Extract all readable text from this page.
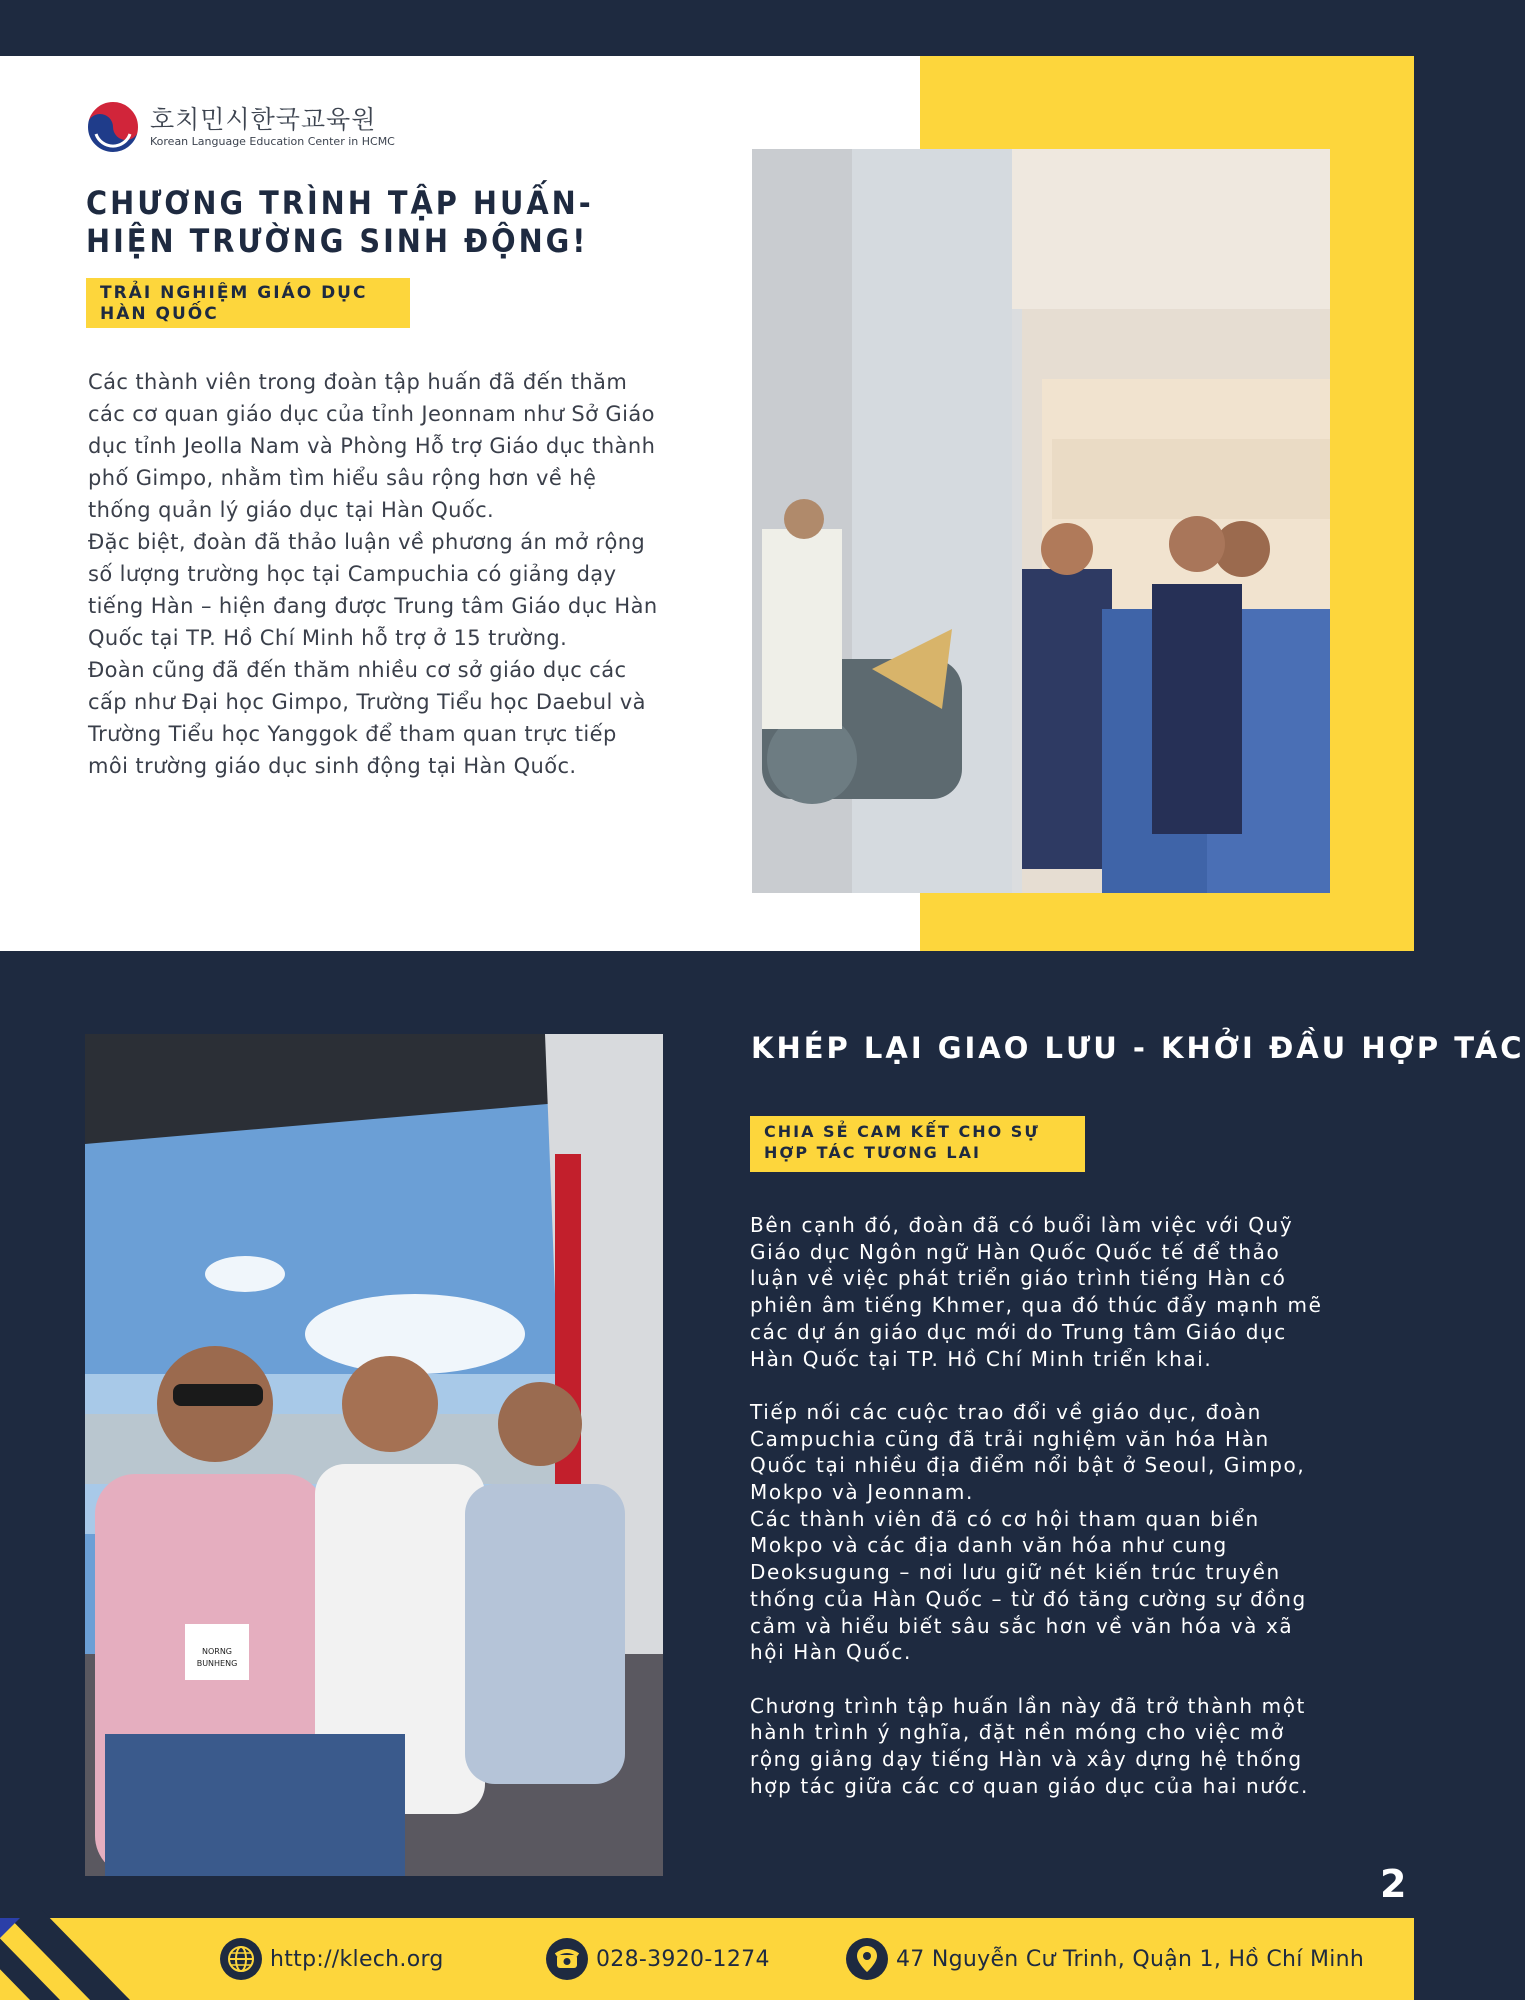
호치민시한국교육원
Korean Language Education Center in HCMC
CHƯƠNG TRÌNH TẬP HUẤN- HIỆN TRƯỜNG SINH ĐỘNG!
TRẢI NGHIỆM GIÁO DỤC HÀN QUỐC

Các thành viên trong đoàn tập huấn đã đến thăm các cơ quan giáo dục của tỉnh Jeonnam như Sở Giáo dục tỉnh Jeolla Nam và Phòng Hỗ trợ Giáo dục thành phố Gimpo, nhằm tìm hiểu sâu rộng hơn về hệ thống quản lý giáo dục tại Hàn Quốc.

Đặc biệt, đoàn đã thảo luận về phương án mở rộng số lượng trường học tại Campuchia có giảng dạy tiếng Hàn – hiện đang được Trung tâm Giáo dục Hàn Quốc tại TP. Hồ Chí Minh hỗ trợ ở 15 trường.

Đoàn cũng đã đến thăm nhiều cơ sở giáo dục các cấp như Đại học Gimpo, Trường Tiểu học Daebul và Trường Tiểu học Yanggok để tham quan trực tiếp môi trường giáo dục sinh động tại Hàn Quốc.

NORNG
BUNHENG
KHÉP LẠI GIAO LƯU - KHỞI ĐẦU HỢP TÁC
CHIA SẺ CAM KẾT CHO SỰ HỢP TÁC TƯƠNG LAI

Bên cạnh đó, đoàn đã có buổi làm việc với Quỹ Giáo dục Ngôn ngữ Hàn Quốc Quốc tế để thảo luận về việc phát triển giáo trình tiếng Hàn có phiên âm tiếng Khmer, qua đó thúc đẩy mạnh mẽ các dự án giáo dục mới do Trung tâm Giáo dục Hàn Quốc tại TP. Hồ Chí Minh triển khai.

Tiếp nối các cuộc trao đổi về giáo dục, đoàn Campuchia cũng đã trải nghiệm văn hóa Hàn Quốc tại nhiều địa điểm nổi bật ở Seoul, Gimpo, Mokpo và Jeonnam.

Các thành viên đã có cơ hội tham quan biển Mokpo và các địa danh văn hóa như cung Deoksugung – nơi lưu giữ nét kiến trúc truyền thống của Hàn Quốc – từ đó tăng cường sự đồng cảm và hiểu biết sâu sắc hơn về văn hóa và xã hội Hàn Quốc.

Chương trình tập huấn lần này đã trở thành một hành trình ý nghĩa, đặt nền móng cho việc mở rộng giảng dạy tiếng Hàn và xây dựng hệ thống hợp tác giữa các cơ quan giáo dục của hai nước.

2
http://klech.org	028-3920-1274	47 Nguyễn Cư Trinh, Quận 1, Hồ Chí Minh
